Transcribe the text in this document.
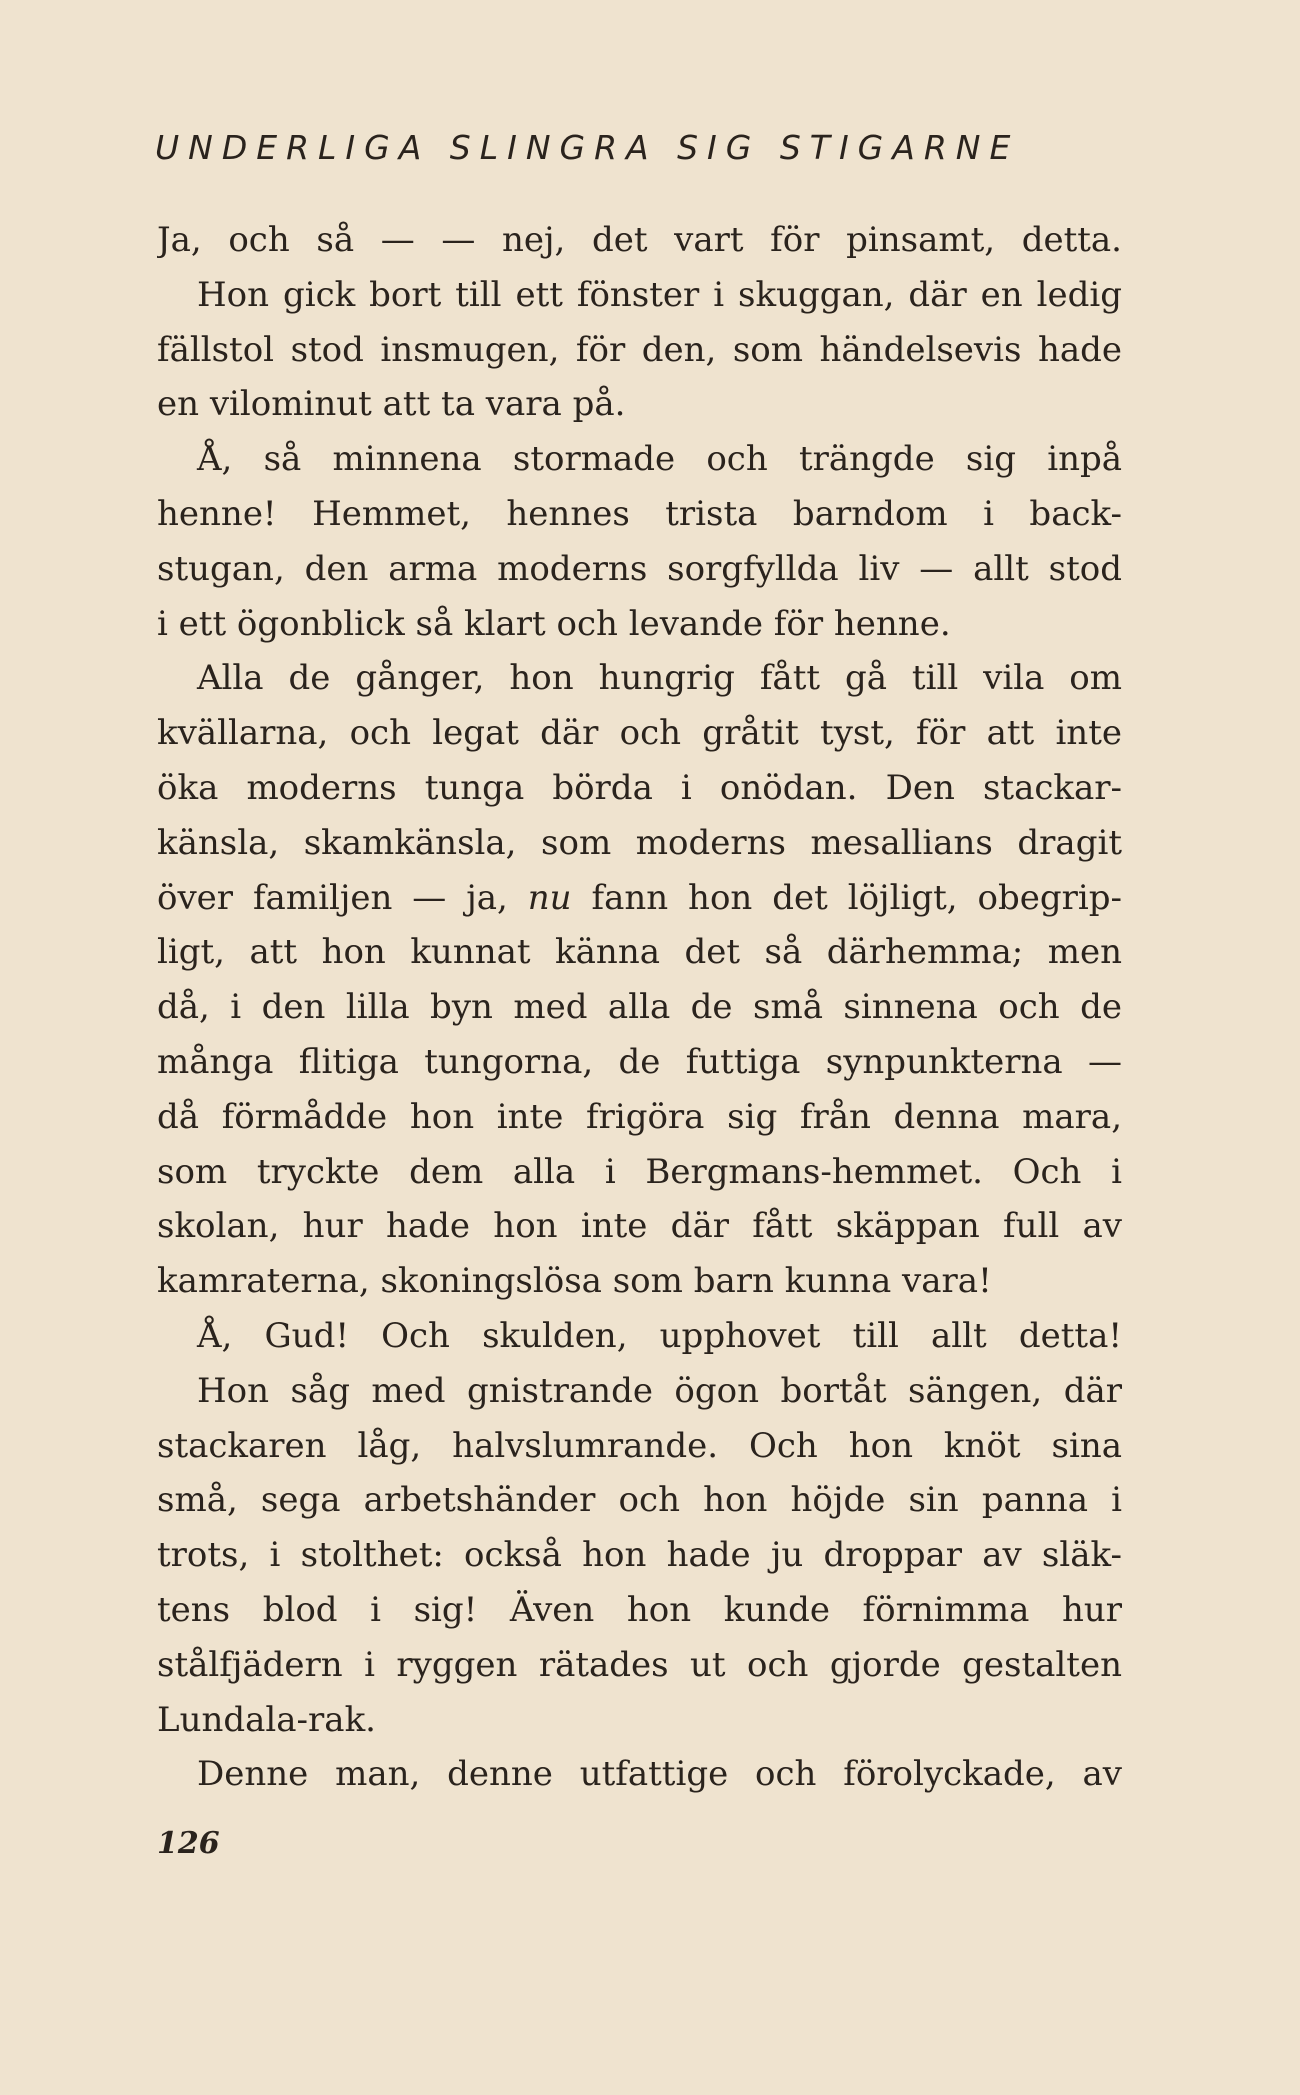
UNDERLIGA SLINGRA SIG STIGARNE
Ja, och så — — nej, det vart för pinsamt, detta.
Hon gick bort till ett fönster i skuggan, där en ledig
fällstol stod insmugen, för den, som händelsevis hade
en vilominut att ta vara på.
Å, så minnena stormade och trängde sig inpå
henne! Hemmet, hennes trista barndom i back-
stugan, den arma moderns sorgfyllda liv — allt stod
i ett ögonblick så klart och levande för henne.
Alla de gånger, hon hungrig fått gå till vila om
kvällarna, och legat där och gråtit tyst, för att inte
öka moderns tunga börda i onödan. Den stackar-
känsla, skamkänsla, som moderns mesallians dragit
över familjen — ja, nu fann hon det löjligt, obegrip-
ligt, att hon kunnat känna det så därhemma; men
då, i den lilla byn med alla de små sinnena och de
många flitiga tungorna, de futtiga synpunkterna —
då förmådde hon inte frigöra sig från denna mara,
som tryckte dem alla i Bergmans-hemmet. Och i
skolan, hur hade hon inte där fått skäppan full av
kamraterna, skoningslösa som barn kunna vara!
Å, Gud! Och skulden, upphovet till allt detta!
Hon såg med gnistrande ögon bortåt sängen, där
stackaren låg, halvslumrande. Och hon knöt sina
små, sega arbetshänder och hon höjde sin panna i
trots, i stolthet: också hon hade ju droppar av släk-
tens blod i sig! Även hon kunde förnimma hur
stålfjädern i ryggen rätades ut och gjorde gestalten
Lundala-rak.
Denne man, denne utfattige och förolyckade, av
126
